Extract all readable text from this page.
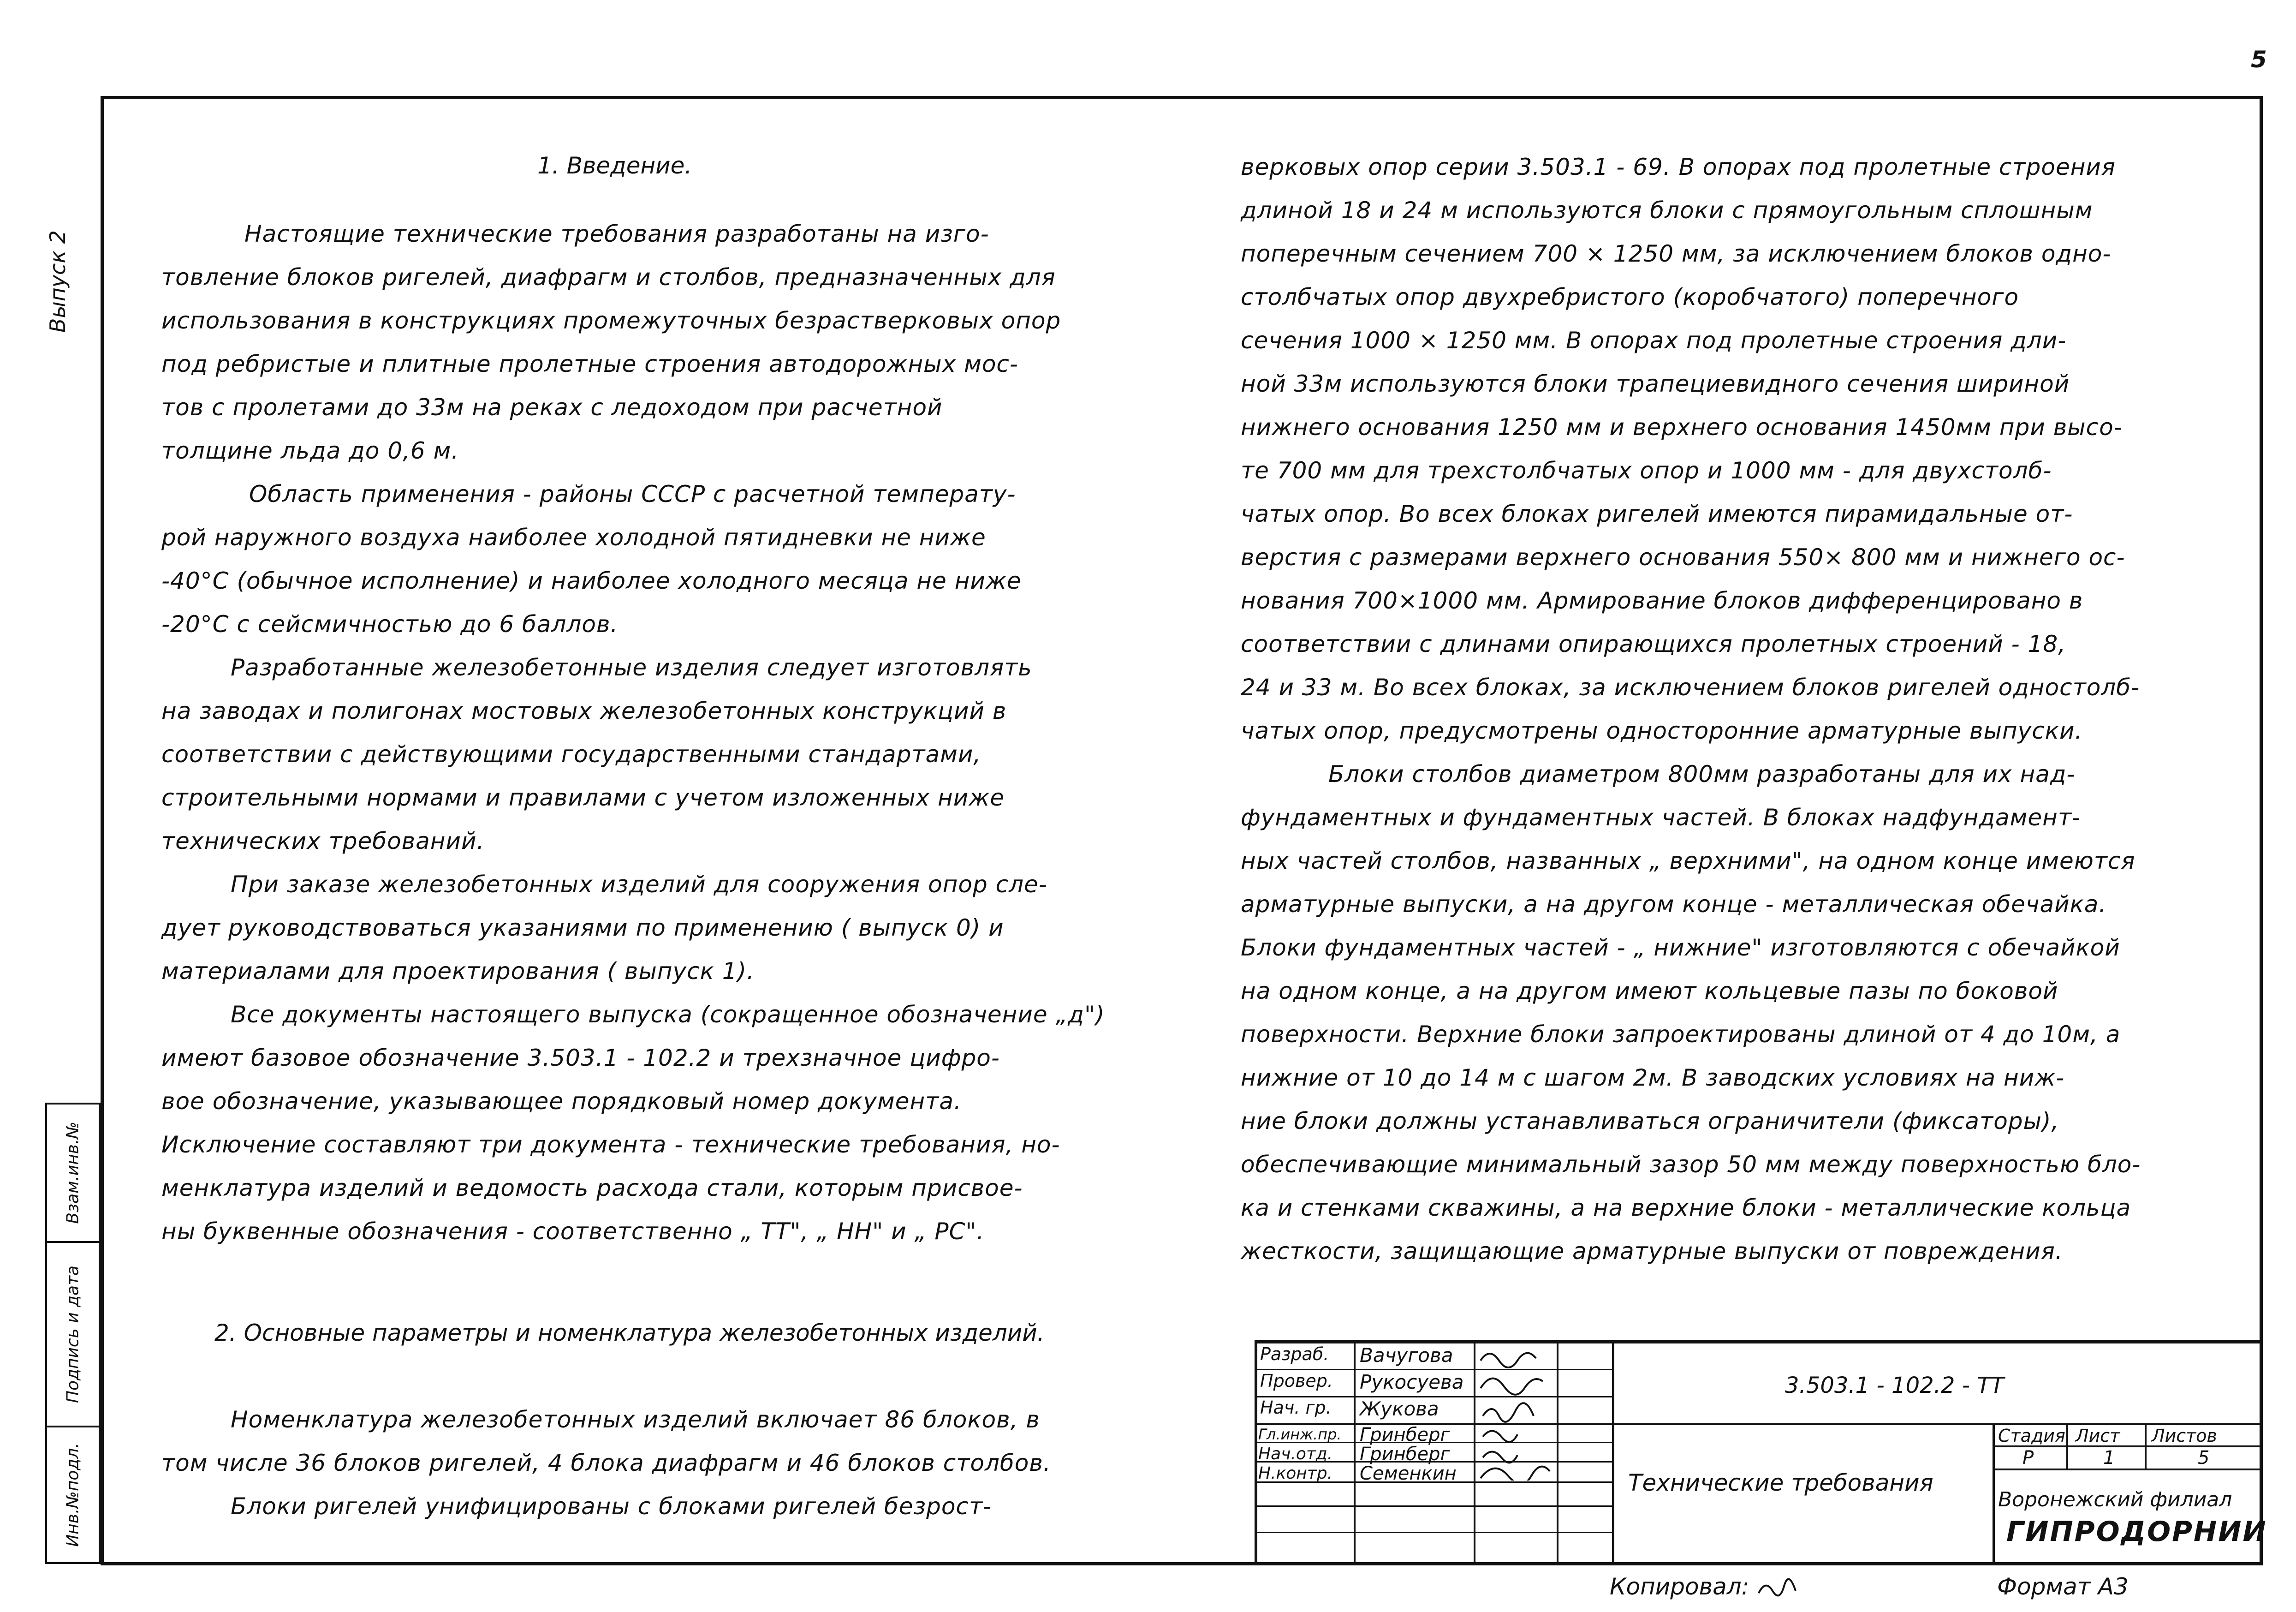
5
Выпуск 2
Взам.инв.№
Подпись и дата
Инв.№подл.
1. Введение.

Настоящие технические требования разработаны на изго-

товление блоков ригелей, диафрагм и столбов, предназначенных для

использования в конструкциях промежуточных безрастверковых опор

под ребристые и плитные пролетные строения автодорожных мос-

тов с пролетами до 33м на реках с ледоходом при расчетной

толщине льда до 0,6 м.

Область применения - районы СССР с расчетной температу-

рой наружного воздуха наиболее холодной пятидневки не ниже

-40°С (обычное исполнение) и наиболее холодного месяца не ниже

-20°С с сейсмичностью до 6 баллов.

Разработанные железобетонные изделия следует изготовлять

на заводах и полигонах мостовых железобетонных конструкций в

соответствии с действующими государственными стандартами,

строительными нормами и правилами с учетом изложенных ниже

технических требований.

При заказе железобетонных изделий для сооружения опор сле-

дует руководствоваться указаниями по применению ( выпуск 0) и

материалами для проектирования ( выпуск 1).

Все документы настоящего выпуска (сокращенное обозначение „д")

имеют базовое обозначение 3.503.1 - 102.2 и трехзначное цифро-

вое обозначение, указывающее порядковый номер документа.

Исключение составляют три документа - технические требования, но-

менклатура изделий и ведомость расхода стали, которым присвое-

ны буквенные обозначения - соответственно „ ТТ", „ НН" и „ РС".

2. Основные параметры и номенклатура железобетонных изделий.

Номенклатура железобетонных изделий включает 86 блоков, в

том числе 36 блоков ригелей, 4 блока диафрагм и 46 блоков столбов.

Блоки ригелей унифицированы с блоками ригелей безрост-

верковых опор серии 3.503.1 - 69. В опорах под пролетные строения

длиной 18 и 24 м используются блоки с прямоугольным сплошным

поперечным сечением 700 × 1250 мм, за исключением блоков одно-

столбчатых опор двухребристого (коробчатого) поперечного

сечения 1000 × 1250 мм. В опорах под пролетные строения дли-

ной 33м используются блоки трапециевидного сечения шириной

нижнего основания 1250 мм и верхнего основания 1450мм при высо-

те 700 мм для трехстолбчатых опор и 1000 мм - для двухстолб-

чатых опор. Во всех блоках ригелей имеются пирамидальные от-

верстия с размерами верхнего основания 550× 800 мм и нижнего ос-

нования 700×1000 мм. Армирование блоков дифференцировано в

соответствии с длинами опирающихся пролетных строений - 18,

24 и 33 м. Во всех блоках, за исключением блоков ригелей одностолб-

чатых опор, предусмотрены односторонние арматурные выпуски.

Блоки столбов диаметром 800мм разработаны для их над-

фундаментных и фундаментных частей. В блоках надфундамент-

ных частей столбов, названных „ верхними", на одном конце имеются

арматурные выпуски, а на другом конце - металлическая обечайка.

Блоки фундаментных частей - „ нижние" изготовляются с обечайкой

на одном конце, а на другом имеют кольцевые пазы по боковой

поверхности. Верхние блоки запроектированы длиной от 4 до 10м, а

нижние от 10 до 14 м с шагом 2м. В заводских условиях на ниж-

ние блоки должны устанавливаться ограничители (фиксаторы),

обеспечивающие минимальный зазор 50 мм между поверхностью бло-

ка и стенками скважины, а на верхние блоки - металлические кольца

жесткости, защищающие арматурные выпуски от повреждения.

Разраб. Вачугова
Провер. Рукосуева
Нач. гр. Жукова
Гл.инж.пр. Гринберг
Нач.отд. Гринберг
Н.контр. Семенкин
3.503.1 - 102.2 - ТТ
Технические требования
Стадия Лист Листов
Р	1	5
Воронежский филиал
ГИПРОДОРНИИ
Копировал:	Формат А3
